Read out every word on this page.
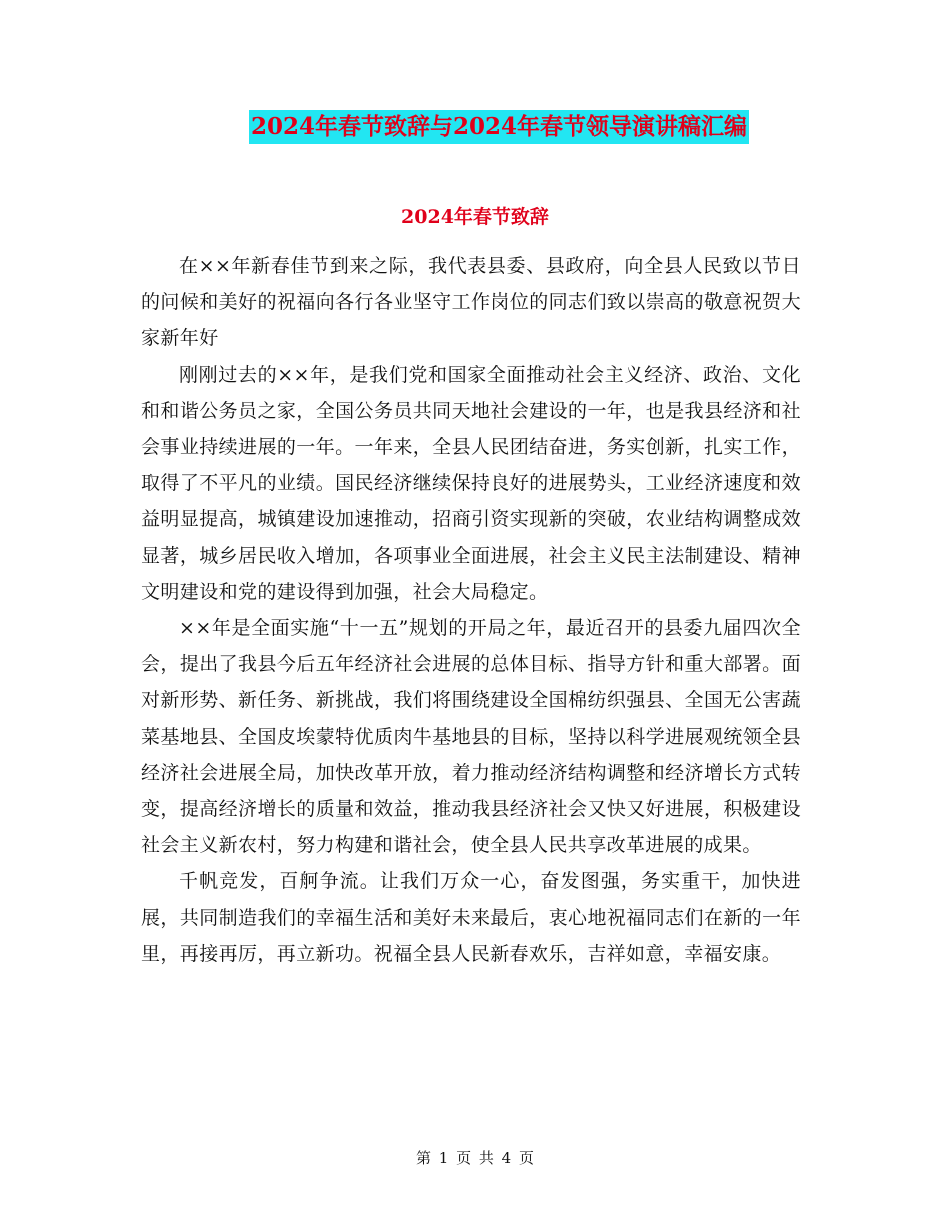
2024年春节致辞与2024年春节领导演讲稿汇编
2024年春节致辞

在××年新春佳节到来之际，我代表县委、县政府，向全县人民致以节日的问候和美好的祝福向各行各业坚守工作岗位的同志们致以崇高的敬意祝贺大家新年好

刚刚过去的××年，是我们党和国家全面推动社会主义经济、政治、文化和和谐公务员之家，全国公务员共同天地社会建设的一年，也是我县经济和社会事业持续进展的一年。一年来，全县人民团结奋进，务实创新，扎实工作，取得了不平凡的业绩。国民经济继续保持良好的进展势头，工业经济速度和效益明显提高，城镇建设加速推动，招商引资实现新的突破，农业结构调整成效显著，城乡居民收入增加，各项事业全面进展，社会主义民主法制建设、精神文明建设和党的建设得到加强，社会大局稳定。

××年是全面实施“十一五”规划的开局之年，最近召开的县委九届四次全会，提出了我县今后五年经济社会进展的总体目标、指导方针和重大部署。面对新形势、新任务、新挑战，我们将围绕建设全国棉纺织强县、全国无公害蔬菜基地县、全国皮埃蒙特优质肉牛基地县的目标，坚持以科学进展观统领全县经济社会进展全局，加快改革开放，着力推动经济结构调整和经济增长方式转变，提高经济增长的质量和效益，推动我县经济社会又快又好进展，积极建设社会主义新农村，努力构建和谐社会，使全县人民共享改革进展的成果。

千帆竞发，百舸争流。让我们万众一心，奋发图强，务实重干，加快进展，共同制造我们的幸福生活和美好未来最后，衷心地祝福同志们在新的一年里，再接再厉，再立新功。祝福全县人民新春欢乐，吉祥如意，幸福安康。

第 1 页 共 4 页
